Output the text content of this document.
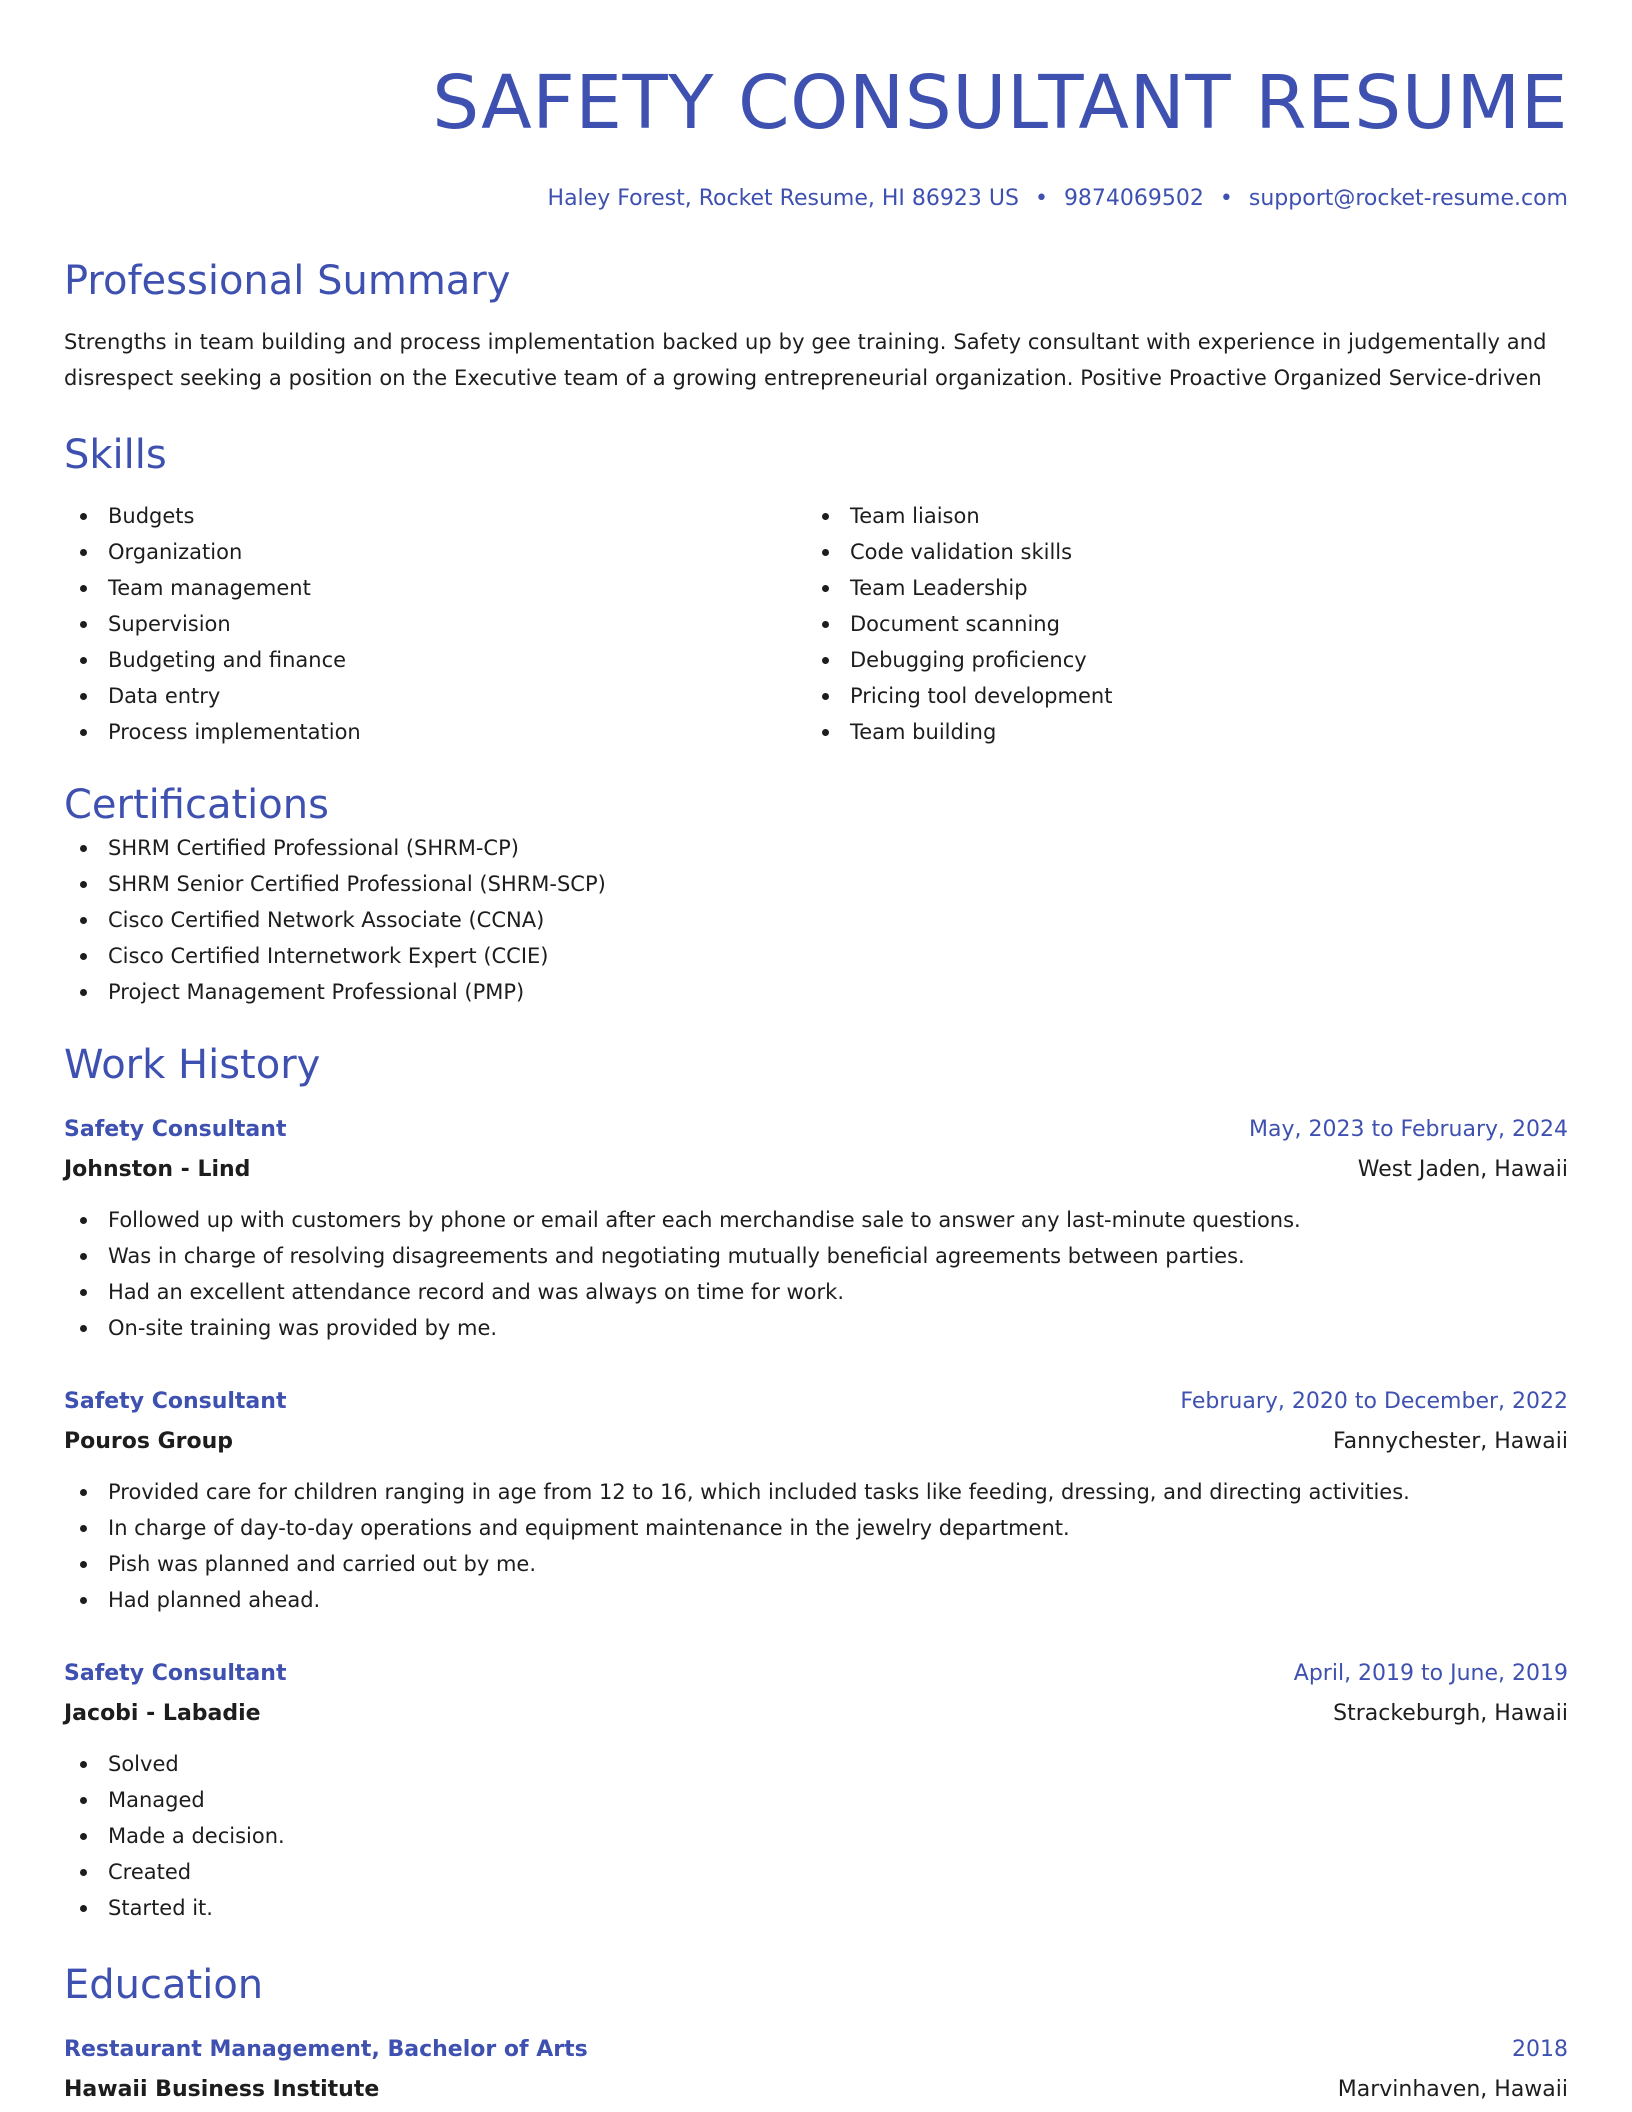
SAFETY CONSULTANT RESUME
Haley Forest, Rocket Resume, HI 86923 US • 9874069502 • support@rocket-resume.com
Professional Summary
Strengths in team building and process implementation backed up by gee training. Safety consultant with experience in judgementally and disrespect seeking a position on the Executive team of a growing entrepreneurial organization. Positive Proactive Organized Service-driven
Skills
Budgets
Organization
Team management
Supervision
Budgeting and finance
Data entry
Process implementation
Team liaison
Code validation skills
Team Leadership
Document scanning
Debugging proficiency
Pricing tool development
Team building
Certifications
SHRM Certified Professional (SHRM-CP)
SHRM Senior Certified Professional (SHRM-SCP)
Cisco Certified Network Associate (CCNA)
Cisco Certified Internetwork Expert (CCIE)
Project Management Professional (PMP)
Work History
Safety Consultant	May, 2023 to February, 2024
Johnston - Lind	West Jaden, Hawaii
Followed up with customers by phone or email after each merchandise sale to answer any last-minute questions.
Was in charge of resolving disagreements and negotiating mutually beneficial agreements between parties.
Had an excellent attendance record and was always on time for work.
On-site training was provided by me.
Safety Consultant	February, 2020 to December, 2022
Pouros Group	Fannychester, Hawaii
Provided care for children ranging in age from 12 to 16, which included tasks like feeding, dressing, and directing activities.
In charge of day-to-day operations and equipment maintenance in the jewelry department.
Pish was planned and carried out by me.
Had planned ahead.
Safety Consultant	April, 2019 to June, 2019
Jacobi - Labadie	Strackeburgh, Hawaii
Solved
Managed
Made a decision.
Created
Started it.
Education
Restaurant Management, Bachelor of Arts	2018
Hawaii Business Institute	Marvinhaven, Hawaii
